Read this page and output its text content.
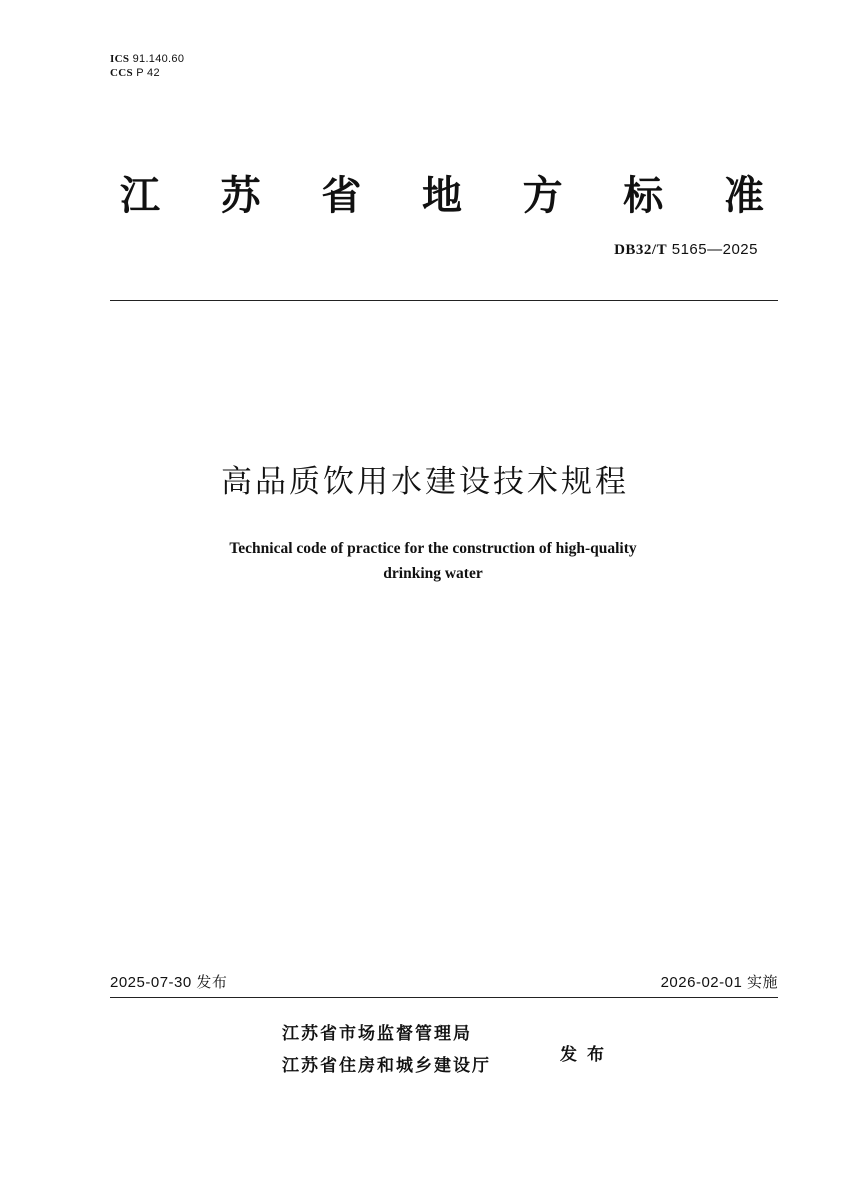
ICS 91.140.60
CCS P 42
江 苏 省 地 方 标 准
DB32/T 5165—2025
高品质饮用水建设技术规程
Technical code of practice for the construction of high-quality
drinking water
2025-07-30 发布	2026-02-01 实施
江苏省市场监督管理局
江苏省住房和城乡建设厅
发布
